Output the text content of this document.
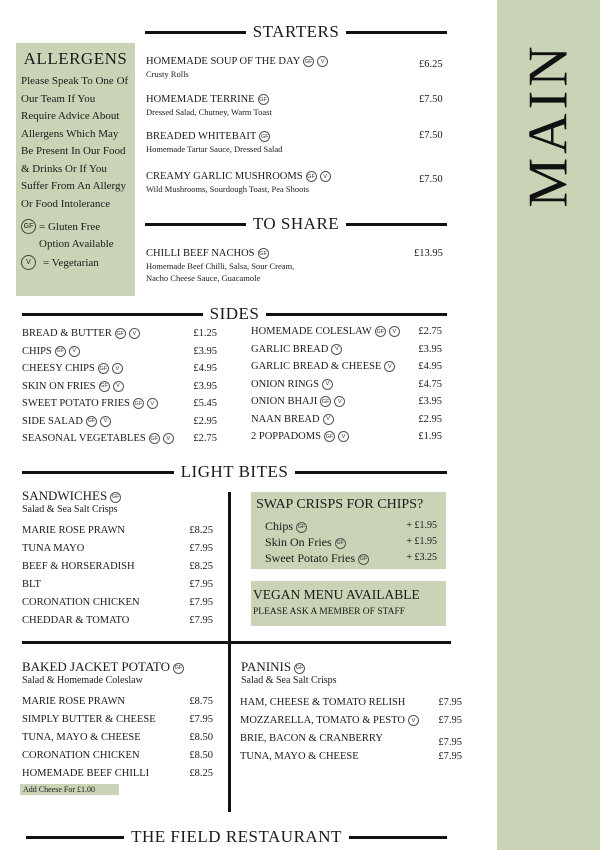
MAIN
ALLERGENS
Please Speak To One Of Our Team If You Require Advice About Allergens Which May Be Present In Our Food & Drinks Or If You Suffer From An Allergy Or Food Intolerance
GF = Gluten Free
Option Available
V	= Vegetarian
STARTERS
HOMEMADE SOUP OF THE DAY GF V
Crusty Rolls
£6.25
HOMEMADE TERRINE GF
Dressed Salad, Chutney, Warm Toast
£7.50
BREADED WHITEBAIT GF
Homemade Tartar Sauce, Dressed Salad
£7.50
CREAMY GARLIC MUSHROOMS GF V
Wild Mushrooms, Sourdough Toast, Pea Shoots
£7.50
TO SHARE
CHILLI BEEF NACHOS GF
Homemade Beef Chilli, Salsa, Sour Cream,
Nacho Cheese Sauce, Guacamole
£13.95
SIDES
BREAD & BUTTER GF V	£1.25
CHIPS GF V	£3.95
CHEESY CHIPS GF V	£4.95
SKIN ON FRIES GF V	£3.95
SWEET POTATO FRIES GF V	£5.45
SIDE SALAD GF V	£2.95
SEASONAL VEGETABLES GF V	£2.75
HOMEMADE COLESLAW GF V	£2.75
GARLIC BREAD V	£3.95
GARLIC BREAD & CHEESE V	£4.95
ONION RINGS V	£4.75
ONION BHAJI GF V	£3.95
NAAN BREAD V	£2.95
2 POPPADOMS GF V	£1.95
LIGHT BITES
SANDWICHES GF
Salad & Sea Salt Crisps
MARIE ROSE PRAWN	£8.25
TUNA MAYO	£7.95
BEEF & HORSERADISH	£8.25
BLT	£7.95
CORONATION CHICKEN	£7.95
CHEDDAR & TOMATO	£7.95
SWAP CRISPS FOR CHIPS?
Chips GF	+ £1.95
Skin On Fries GF	+ £1.95
Sweet Potato Fries GF	+ £3.25
VEGAN MENU AVAILABLE
PLEASE ASK A MEMBER OF STAFF
BAKED JACKET POTATO GF
Salad & Homemade Coleslaw
MARIE ROSE PRAWN	£8.75
SIMPLY BUTTER & CHEESE	£7.95
TUNA, MAYO & CHEESE	£8.50
CORONATION CHICKEN	£8.50
HOMEMADE BEEF CHILLI	£8.25
Add Cheese For £1.00
PANINIS GF
Salad & Sea Salt Crisps
HAM, CHEESE & TOMATO RELISH	£7.95
MOZZARELLA, TOMATO & PESTO V	£7.95
BRIE, BACON & CRANBERRY	£7.95
TUNA, MAYO & CHEESE	£7.95
THE FIELD RESTAURANT
